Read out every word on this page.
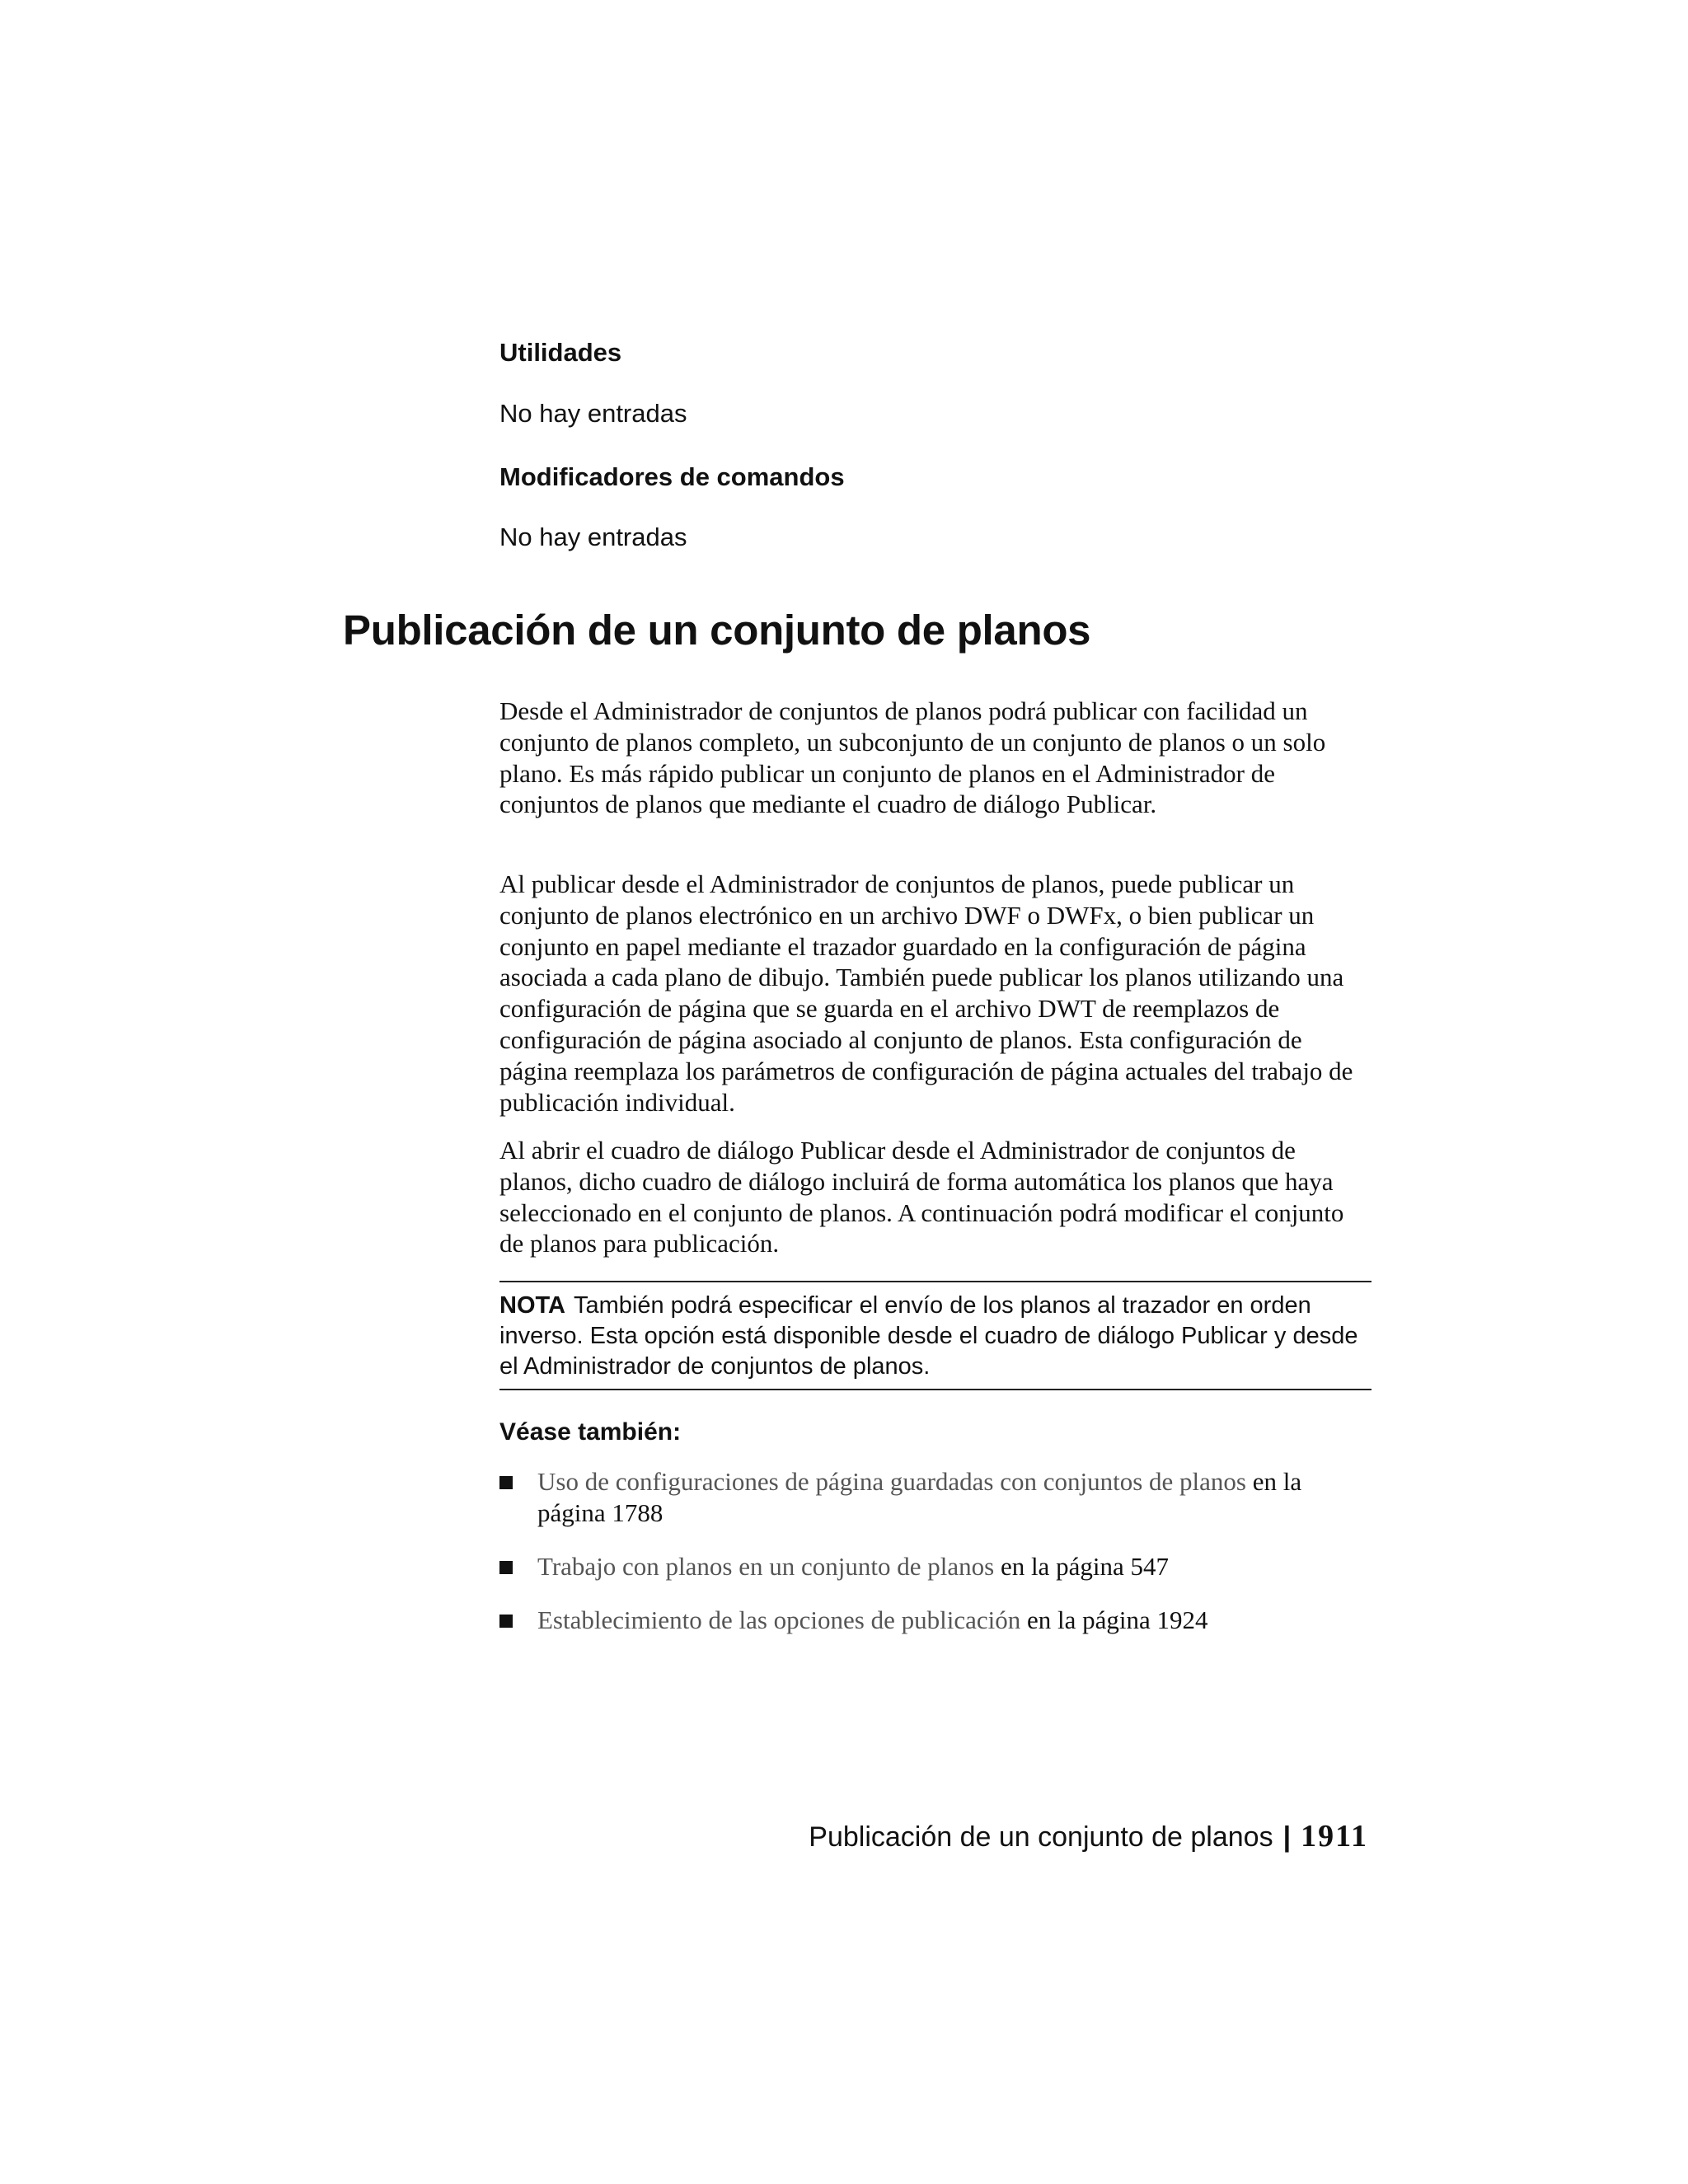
Utilidades

No hay entradas

Modificadores de comandos

No hay entradas

Publicación de un conjunto de planos

Desde el Administrador de conjuntos de planos podrá publicar con facilidad un conjunto de planos completo, un subconjunto de un conjunto de planos o un solo plano. Es más rápido publicar un conjunto de planos en el Administrador de conjuntos de planos que mediante el cuadro de diálogo Publicar.

Al publicar desde el Administrador de conjuntos de planos, puede publicar un conjunto de planos electrónico en un archivo DWF o DWFx, o bien publicar un conjunto en papel mediante el trazador guardado en la configuración de página asociada a cada plano de dibujo. También puede publicar los planos utilizando una configuración de página que se guarda en el archivo DWT de reemplazos de configuración de página asociado al conjunto de planos. Esta configuración de página reemplaza los parámetros de configuración de página actuales del trabajo de publicación individual.

Al abrir el cuadro de diálogo Publicar desde el Administrador de conjuntos de planos, dicho cuadro de diálogo incluirá de forma automática los planos que haya seleccionado en el conjunto de planos. A continuación podrá modificar el conjunto de planos para publicación.

NOTA También podrá especificar el envío de los planos al trazador en orden inverso. Esta opción está disponible desde el cuadro de diálogo Publicar y desde el Administrador de conjuntos de planos.

Véase también:
Uso de configuraciones de página guardadas con conjuntos de planos en la página 1788
Trabajo con planos en un conjunto de planos en la página 547
Establecimiento de las opciones de publicación en la página 1924
Publicación de un conjunto de planos | 1911
